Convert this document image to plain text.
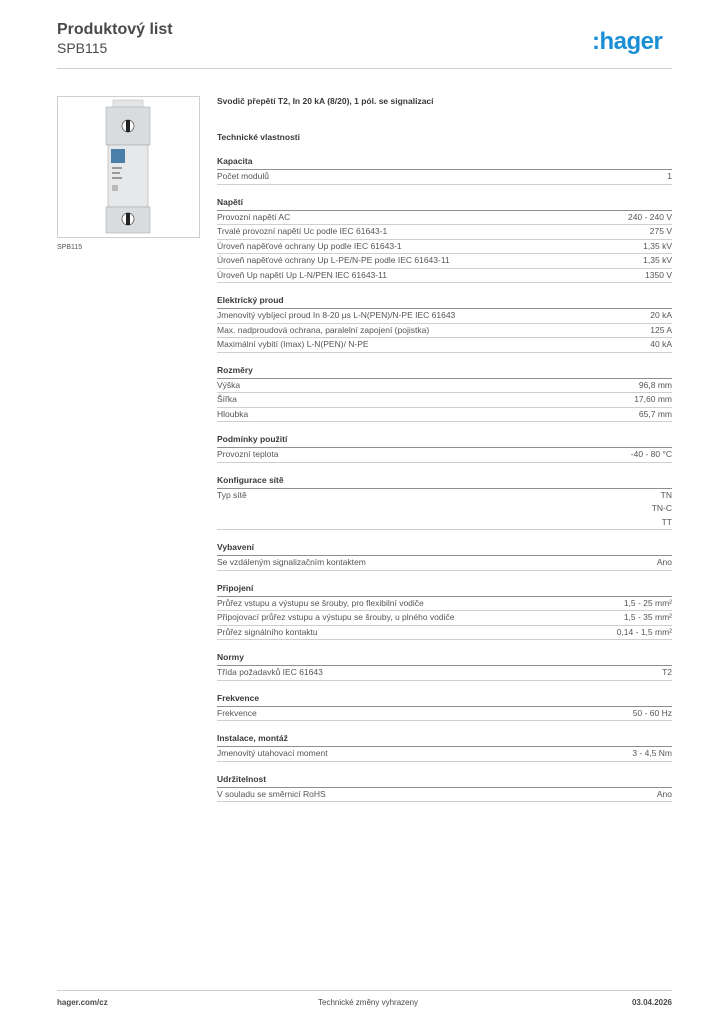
Produktový list
SPB115	:hager
SPB115
Svodič přepětí T2, In 20 kA (8/20), 1 pól. se signalizací
Technické vlastnosti
Kapacita
Počet modulů	1
Napětí
Provozní napětí AC	240 - 240 V
Trvalé provozní napětí Uc podle IEC 61643-1	275 V
Úroveň napěťové ochrany Up podle IEC 61643-1	1,35 kV
Úroveň napěťové ochrany Up L-PE/N-PE podle IEC 61643-11	1,35 kV
Úroveň Up napětí Up L-N/PEN IEC 61643-11	1350 V
Elektrický proud
Jmenovitý vybíjecí proud In 8-20 µs L-N(PEN)/N-PE IEC 61643	20 kA
Max. nadproudová ochrana, paralelní zapojení (pojistka)	125 A
Maximální vybití (Imax) L-N(PEN)/ N-PE	40 kA
Rozměry
Výška	96,8 mm
Šířka	17,60 mm
Hloubka	65,7 mm
Podmínky použití
Provozní teplota	-40 - 80 °C
Konfigurace sítě
Typ sítě	TN
TN-C
TT
Vybavení
Se vzdáleným signalizačním kontaktem	Ano
Připojení
Průřez vstupu a výstupu se šrouby, pro flexibilní vodiče	1,5 - 25 mm²
Připojovací průřez vstupu a výstupu se šrouby, u plného vodiče	1,5 - 35 mm²
Průřez signálního kontaktu	0,14 - 1,5 mm²
Normy
Třída požadavků IEC 61643	T2
Frekvence
Frekvence	50 - 60 Hz
Instalace, montáž
Jmenovitý utahovací moment	3 - 4,5 Nm
Udržitelnost
V souladu se směrnicí RoHS	Ano
hager.com/cz	Technické změny vyhrazeny	03.04.2026
